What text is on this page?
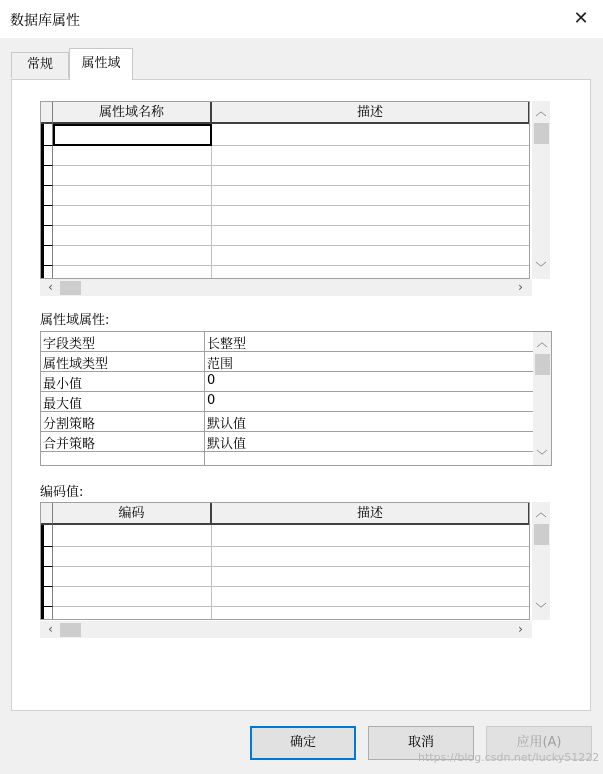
数据库属性	✕
常规	属性域
属性域名称	描述	︿
﹀
‹	›
属性域属性:
字段类型	长整型
属性域类型	范围
最小值	0
最大值	0
分割策略	默认值
合并策略	默认值
︿
﹀
编码值:
编码	描述	︿
﹀
‹	›
确定	取消	应用(A)
https://blog.csdn.net/lucky51222
